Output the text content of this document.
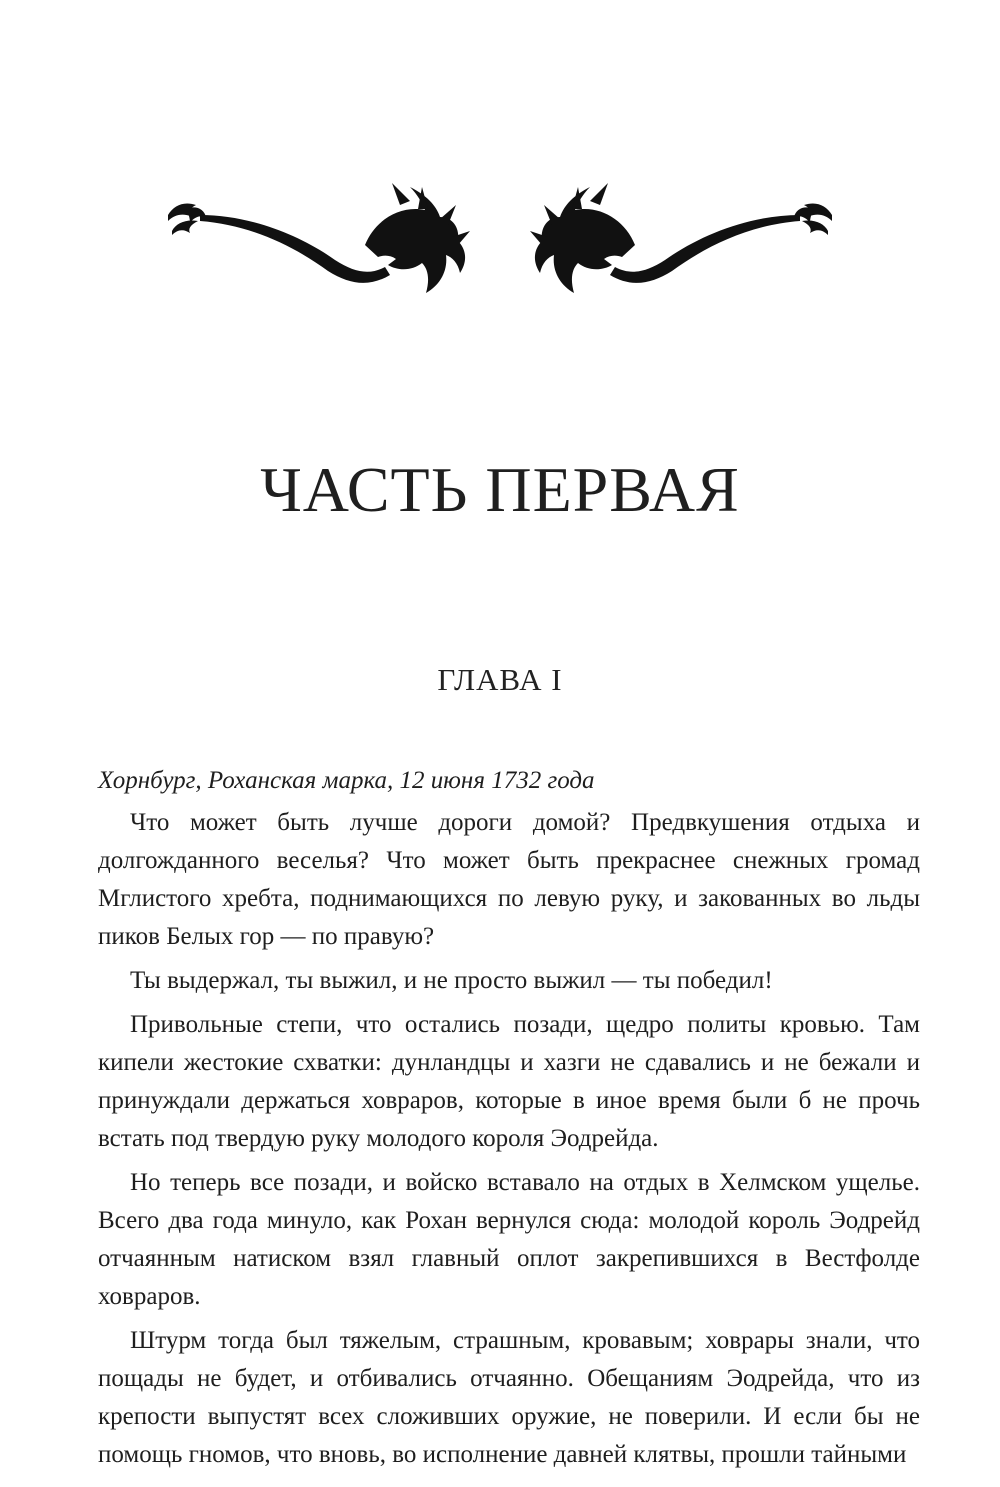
ЧАСТЬ ПЕРВАЯ
ГЛАВА I
Хорнбург, Роханская марка, 12 июня 1732 года

Что может быть лучше дороги домой? Предвкушения отдыха и долгожданного веселья? Что может быть прекраснее снежных громад Мглистого хребта, поднимающихся по левую руку, и закованных во льды пиков Белых гор — по правую?

Ты выдержал, ты выжил, и не просто выжил — ты победил!

Привольные степи, что остались позади, щедро политы кровью. Там кипели жестокие схватки: дунландцы и хазги не сдавались и не бежали и принуждали держаться ховраров, которые в иное время были б не прочь встать под твердую руку молодого короля Эодрейда.

Но теперь все позади, и войско вставало на отдых в Хелмском ущелье. Всего два года минуло, как Рохан вернулся сюда: молодой король Эодрейд отчаянным натиском взял главный оплот закрепившихся в Вестфолде ховраров.

Штурм тогда был тяжелым, страшным, кровавым; ховрары знали, что пощады не будет, и отбивались отчаянно. Обещаниям Эодрейда, что из крепости выпустят всех сложивших оружие, не поверили. И если бы не помощь гномов, что вновь, во исполнение давней клятвы, прошли тайными
